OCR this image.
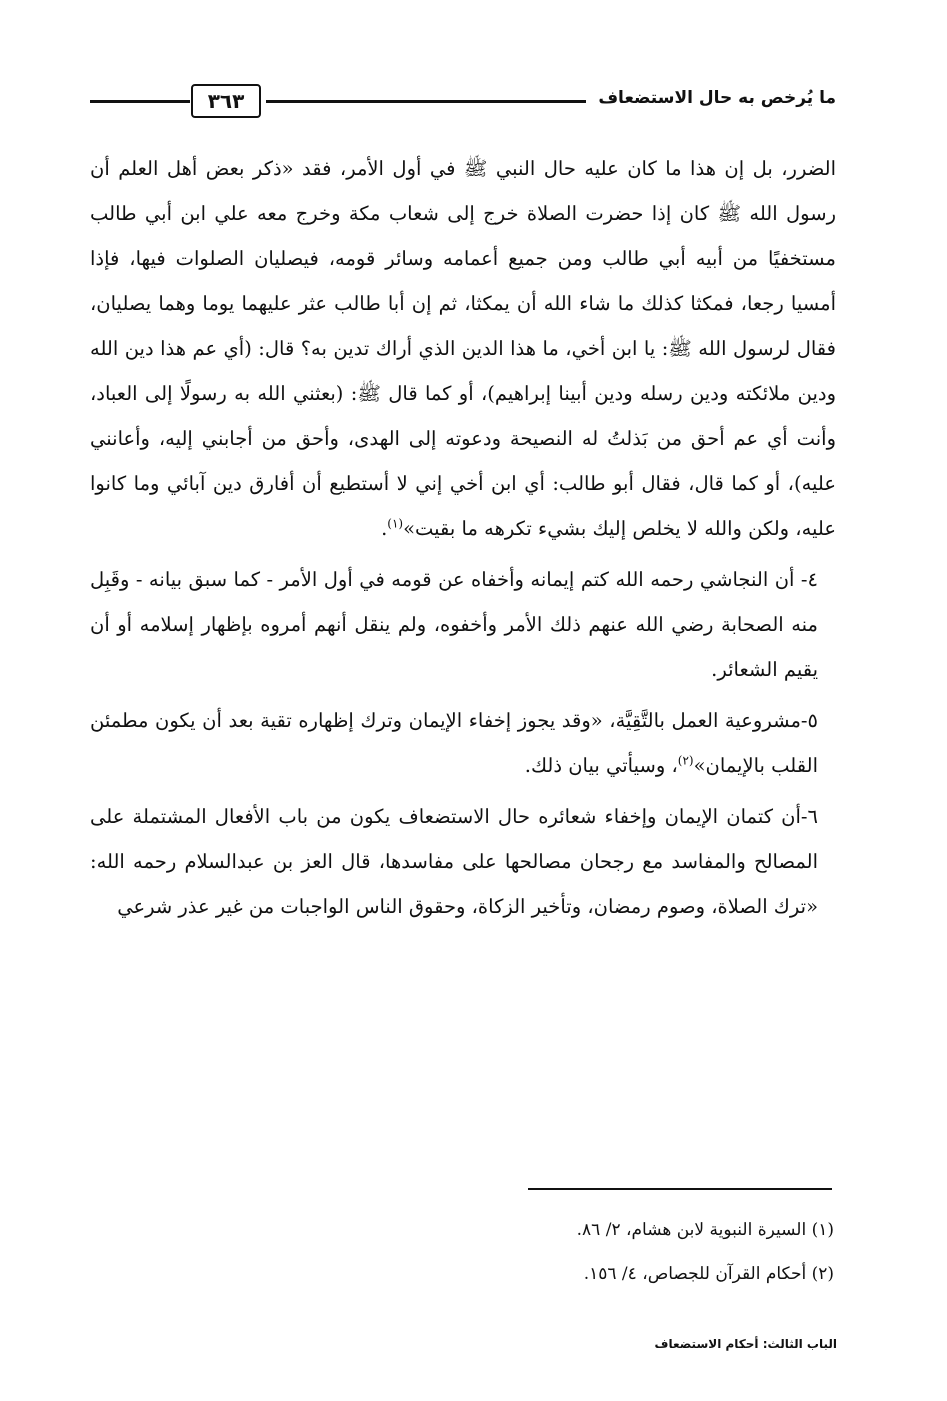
ما يُرخص به حال الاستضعاف
٣٦٣

الضرر، بل إن هذا ما كان عليه حال النبي ﷺ في أول الأمر، فقد «ذكر بعض أهل العلم أن رسول الله ﷺ كان إذا حضرت الصلاة خرج إلى شعاب مكة وخرج معه علي ابن أبي طالب مستخفيًا من أبيه أبي طالب ومن جميع أعمامه وسائر قومه، فيصليان الصلوات فيها، فإذا أمسيا رجعا، فمكثا كذلك ما شاء الله أن يمكثا، ثم إن أبا طالب عثر عليهما يوما وهما يصليان، فقال لرسول الله ﷺ: يا ابن أخي، ما هذا الدين الذي أراك تدين به؟ قال: (أي عم هذا دين الله ودين ملائكته ودين رسله ودين أبينا إبراهيم)، أو كما قال ﷺ: (بعثني الله به رسولًا إلى العباد، وأنت أي عم أحق من بَذلتُ له النصيحة ودعوته إلى الهدى، وأحق من أجابني إليه، وأعانني عليه)، أو كما قال، فقال أبو طالب: أي ابن أخي إني لا أستطيع أن أفارق دين آبائي وما كانوا عليه، ولكن والله لا يخلص إليك بشيء تكرهه ما بقيت»$^{(١)}$.

٤- أن النجاشي رحمه الله كتم إيمانه وأخفاه عن قومه في أول الأمر - كما سبق بيانه - وقَبِل منه الصحابة رضي الله عنهم ذلك الأمر وأخفوه، ولم ينقل أنهم أمروه بإظهار إسلامه أو أن يقيم الشعائر.

٥-مشروعية العمل بالتَّقِيَّة، «وقد يجوز إخفاء الإيمان وترك إظهاره تقية بعد أن يكون مطمئن القلب بالإيمان»$^{(٢)}$، وسيأتي بيان ذلك.

٦-أن كتمان الإيمان وإخفاء شعائره حال الاستضعاف يكون من باب الأفعال المشتملة على المصالح والمفاسد مع رجحان مصالحها على مفاسدها، قال العز بن عبدالسلام رحمه الله: «ترك الصلاة، وصوم رمضان، وتأخير الزكاة، وحقوق الناس الواجبات من غير عذر شرعي

(١) السيرة النبوية لابن هشام، ٢/ ٨٦.
(٢) أحكام القرآن للجصاص، ٤/ ١٥٦.
الباب الثالث: أحكام الاستضعاف
